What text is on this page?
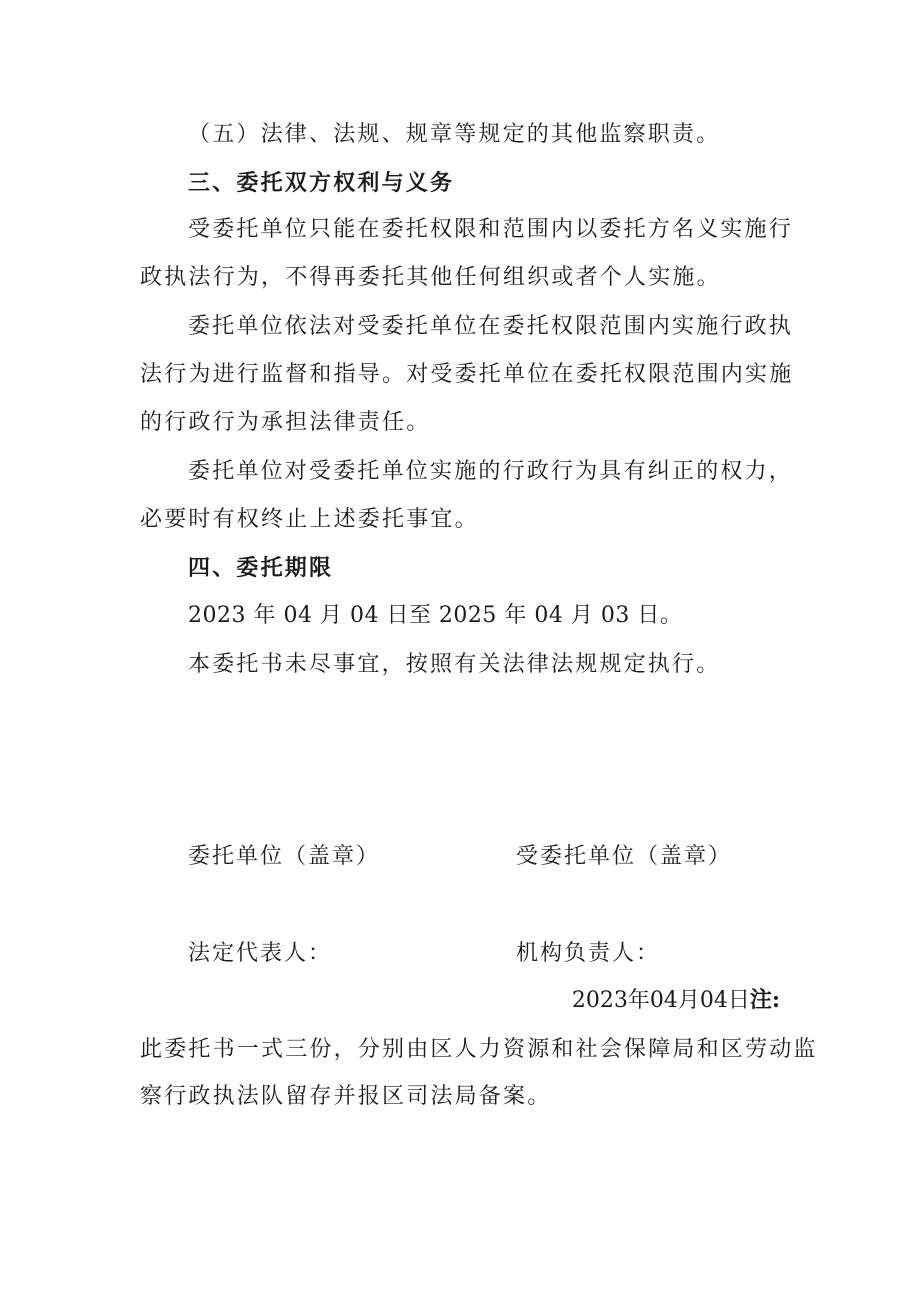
（五）法律、法规、规章等规定的其他监察职责。
三、委托双方权利与义务
受委托单位只能在委托权限和范围内以委托方名义实施行
政执法行为，不得再委托其他任何组织或者个人实施。
委托单位依法对受委托单位在委托权限范围内实施行政执
法行为进行监督和指导。对受委托单位在委托权限范围内实施
的行政行为承担法律责任。
委托单位对受委托单位实施的行政行为具有纠正的权力，
必要时有权终止上述委托事宜。
四、委托期限
2023 年 04 月 04 日至 2025 年 04 月 03 日。
本委托书未尽事宜，按照有关法律法规规定执行。
委托单位（盖章）	受委托单位（盖章）
法定代表人：	机构负责人：
2023年04月04日注:
此委托书一式三份，分别由区人力资源和社会保障局和区劳动监
察行政执法队留存并报区司法局备案。
